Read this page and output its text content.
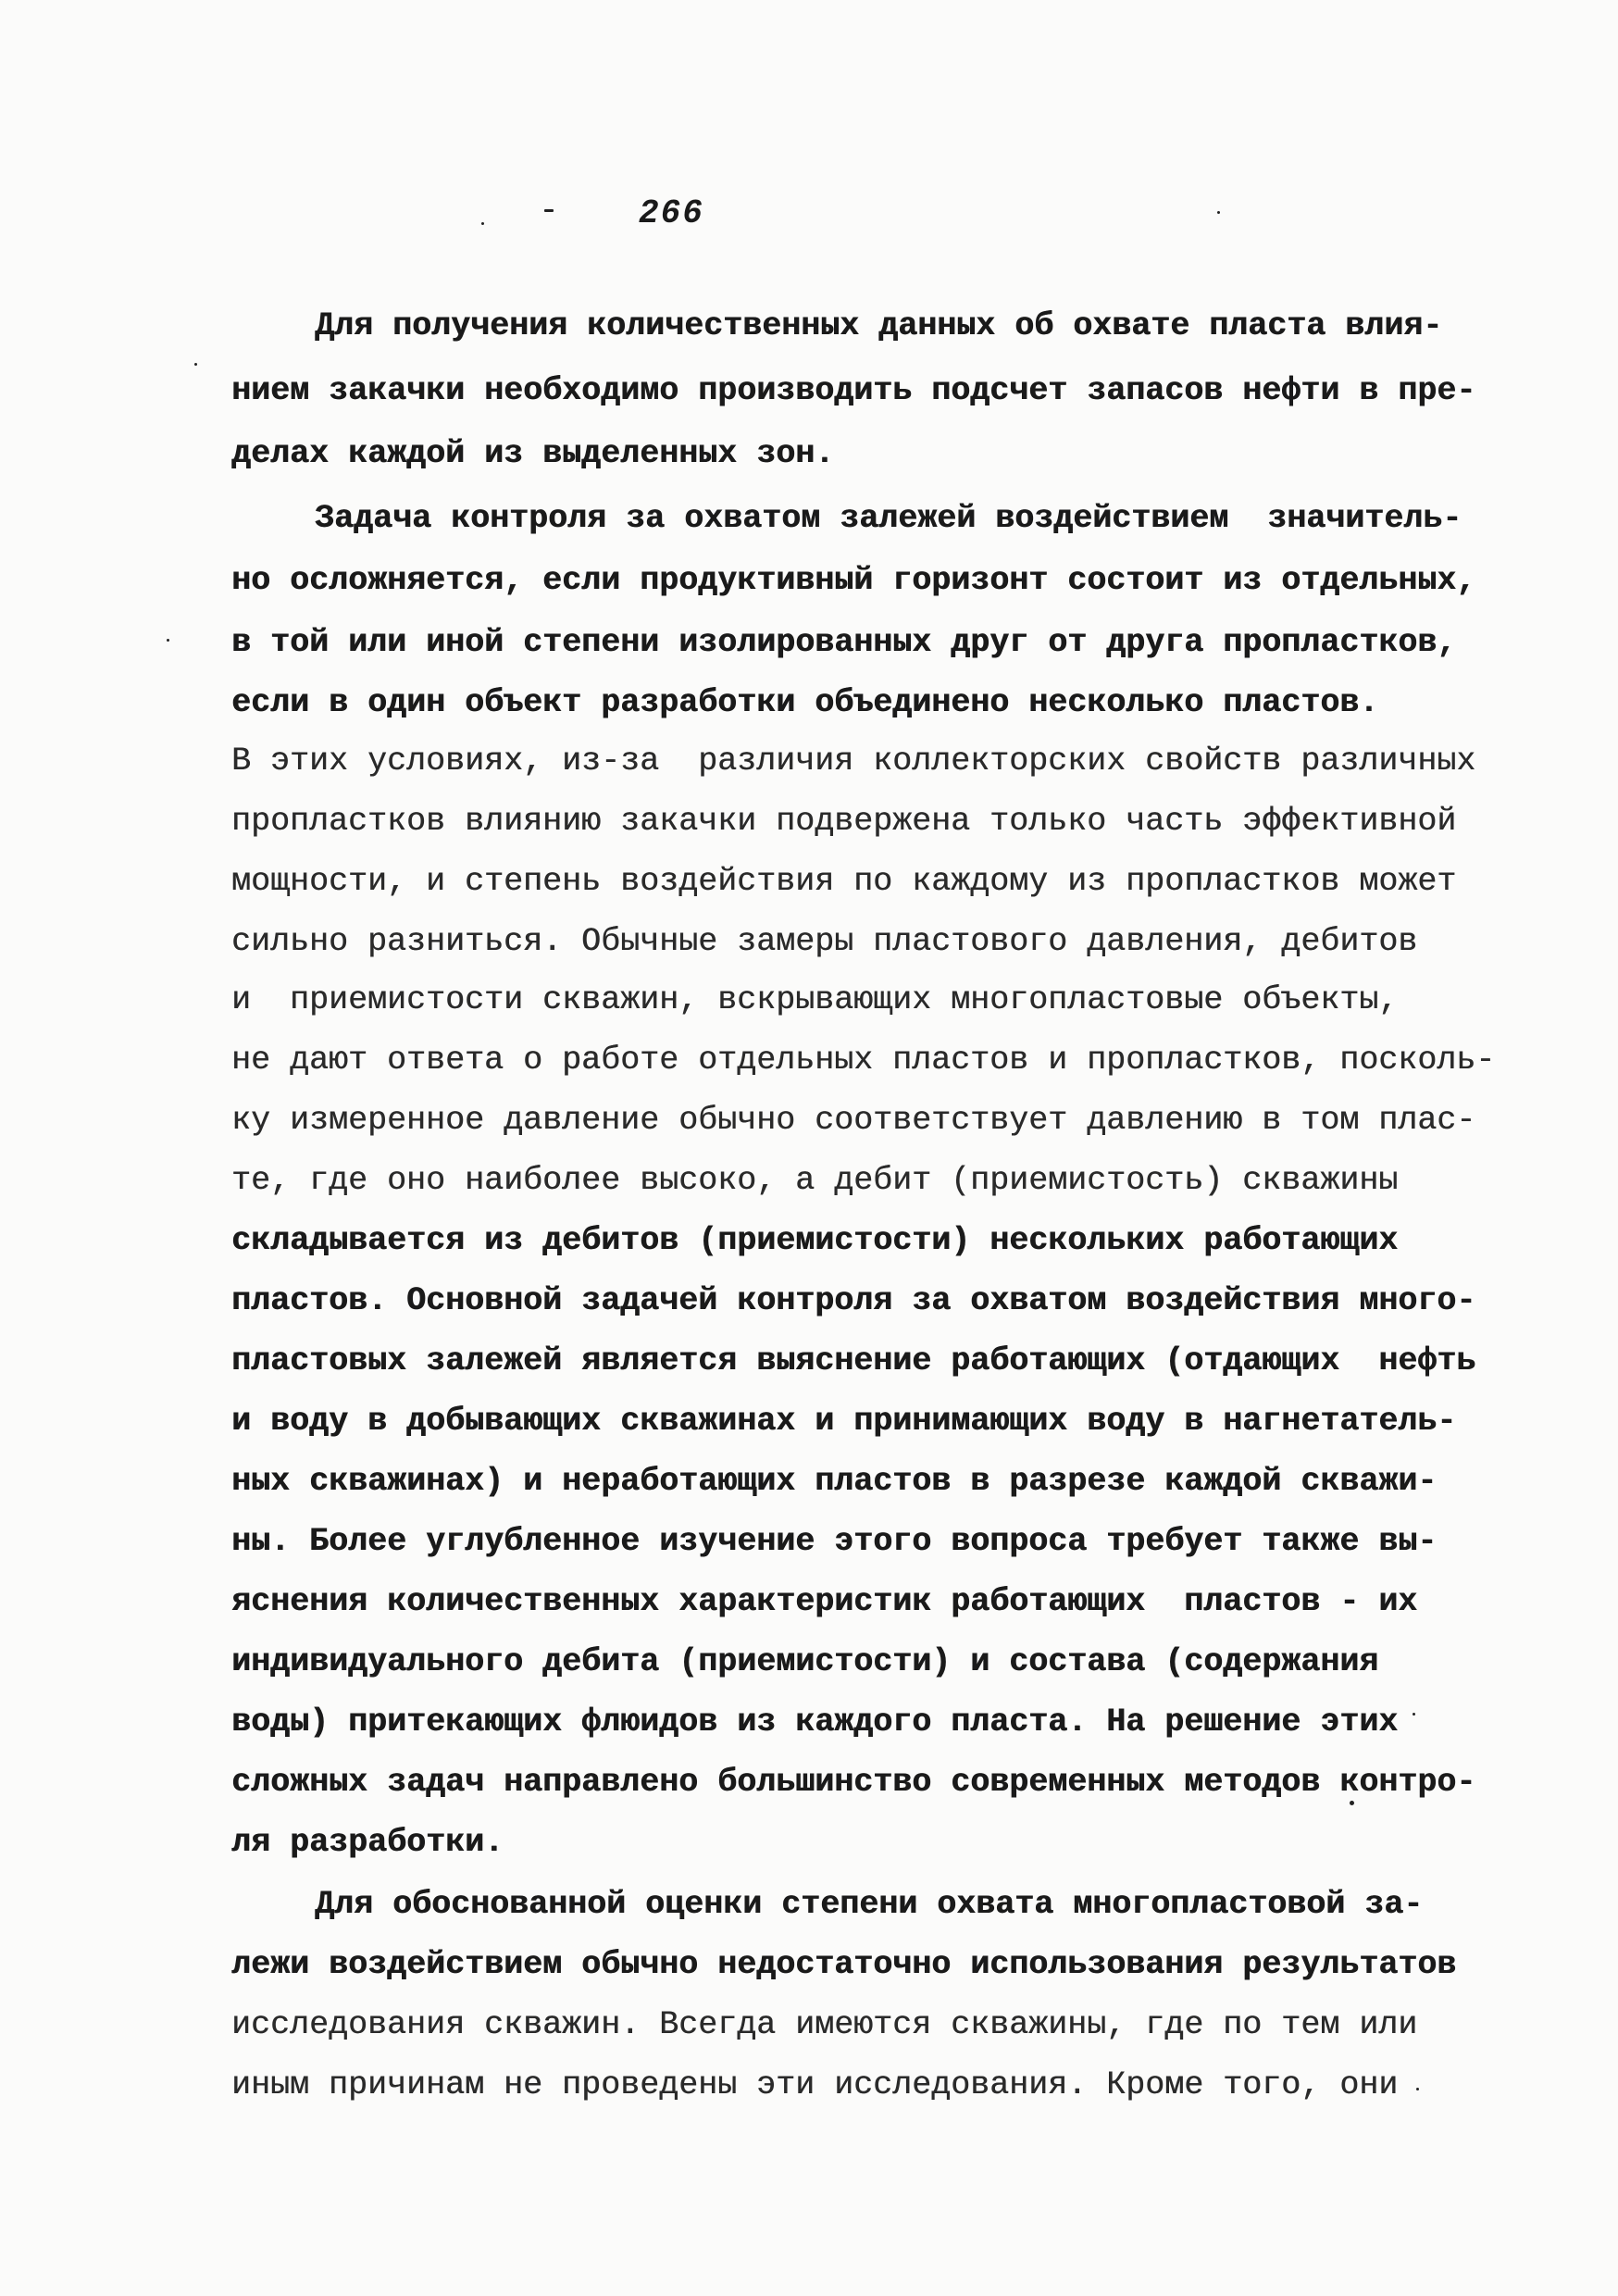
266
Для получения количественных данных об охвате пласта влия-
нием закачки необходимо производить подсчет запасов нефти в пре-
делах каждой из выделенных зон.
Задача контроля за охватом залежей воздействием  значитель-
но осложняется, если продуктивный горизонт состоит из отдельных,
в той или иной степени изолированных друг от друга пропластков,
если в один объект разработки объединено несколько пластов.
В этих условиях, из-за  различия коллекторских свойств различных
пропластков влиянию закачки подвержена только часть эффективной
мощности, и степень воздействия по каждому из пропластков может
сильно разниться. Обычные замеры пластового давления, дебитов
и  приемистости скважин, вскрывающих многопластовые объекты,
не дают ответа о работе отдельных пластов и пропластков, посколь-
ку измеренное давление обычно соответствует давлению в том плас-
те, где оно наиболее высоко, а дебит (приемистость) скважины
складывается из дебитов (приемистости) нескольких работающих
пластов. Основной задачей контроля за охватом воздействия много-
пластовых залежей является выяснение работающих (отдающих  нефть
и воду в добывающих скважинах и принимающих воду в нагнетатель-
ных скважинах) и неработающих пластов в разрезе каждой скважи-
ны. Более углубленное изучение этого вопроса требует также вы-
яснения количественных характеристик работающих  пластов - их
индивидуального дебита (приемистости) и состава (содержания
воды) притекающих флюидов из каждого пласта. На решение этих
сложных задач направлено большинство современных методов контро-
ля разработки.
Для обоснованной оценки степени охвата многопластовой за-
лежи воздействием обычно недостаточно использования результатов
исследования скважин. Всегда имеются скважины, где по тем или
иным причинам не проведены эти исследования. Кроме того, они
